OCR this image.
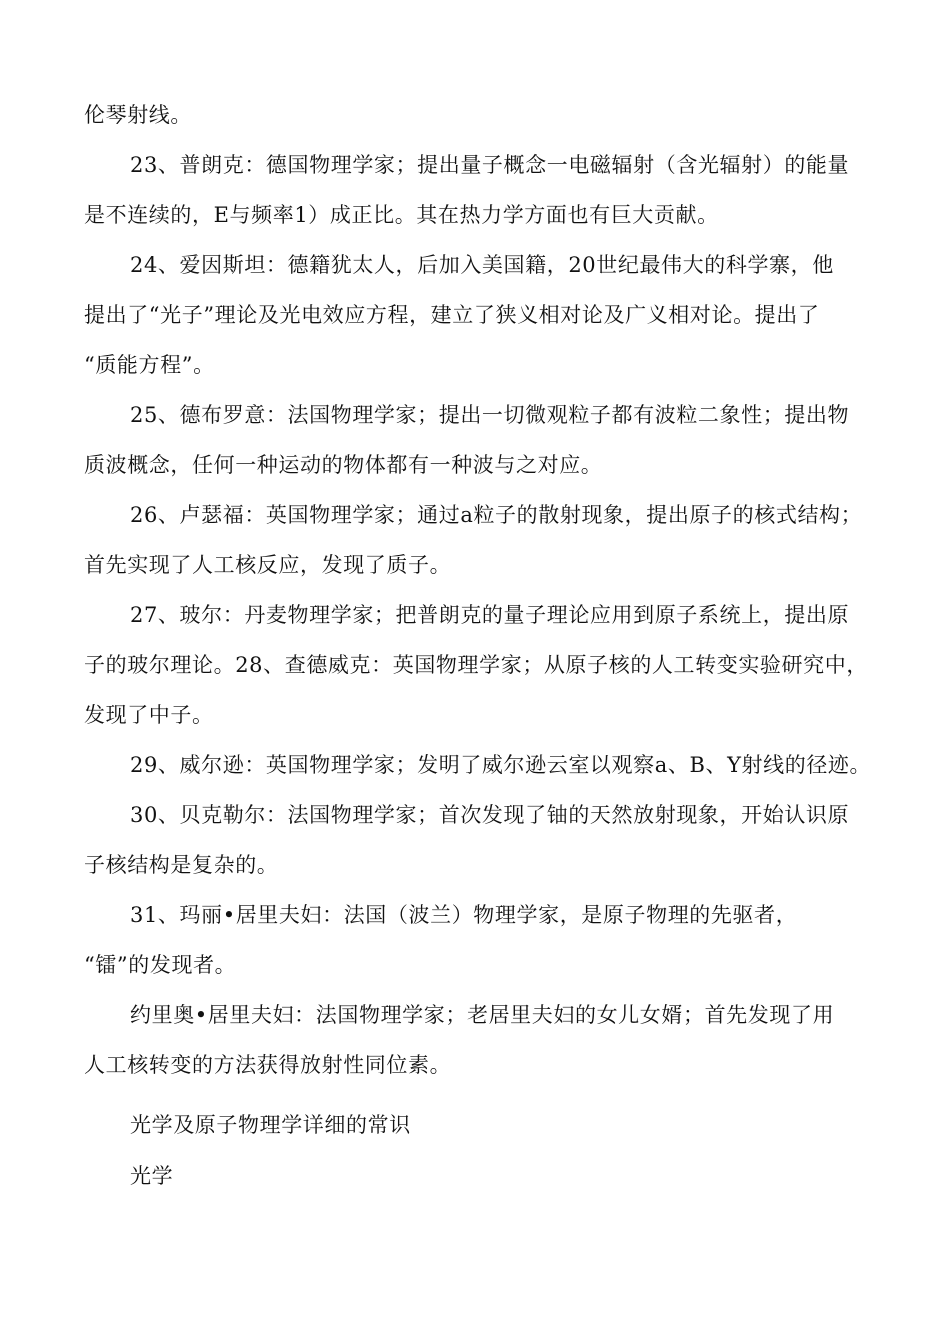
伦琴射线。
23、普朗克：德国物理学家；提出量子概念一电磁辐射（含光辐射）的能量
是不连续的，E与频率1）成正比。其在热力学方面也有巨大贡献。
24、爱因斯坦：德籍犹太人，后加入美国籍，20世纪最伟大的科学寨，他
提出了“光子”理论及光电效应方程，建立了狭义相对论及广义相对论。提出了
“质能方程”。
25、德布罗意：法国物理学家；提出一切微观粒子都有波粒二象性；提出物
质波概念，任何一种运动的物体都有一种波与之对应。
26、卢瑟福：英国物理学家；通过a粒子的散射现象，提出原子的核式结构；
首先实现了人工核反应，发现了质子。
27、玻尔：丹麦物理学家；把普朗克的量子理论应用到原子系统上，提出原
子的玻尔理论。28、查德威克：英国物理学家；从原子核的人工转变实验研究中，
发现了中子。
29、威尔逊：英国物理学家；发明了威尔逊云室以观察a、B、Y射线的径迹。
30、贝克勒尔：法国物理学家；首次发现了铀的天然放射现象，开始认识原
子核结构是复杂的。
31、玛丽•居里夫妇：法国（波兰）物理学家，是原子物理的先驱者，
“镭”的发现者。
约里奥•居里夫妇：法国物理学家；老居里夫妇的女儿女婿；首先发现了用
人工核转变的方法获得放射性同位素。
光学及原子物理学详细的常识
光学
